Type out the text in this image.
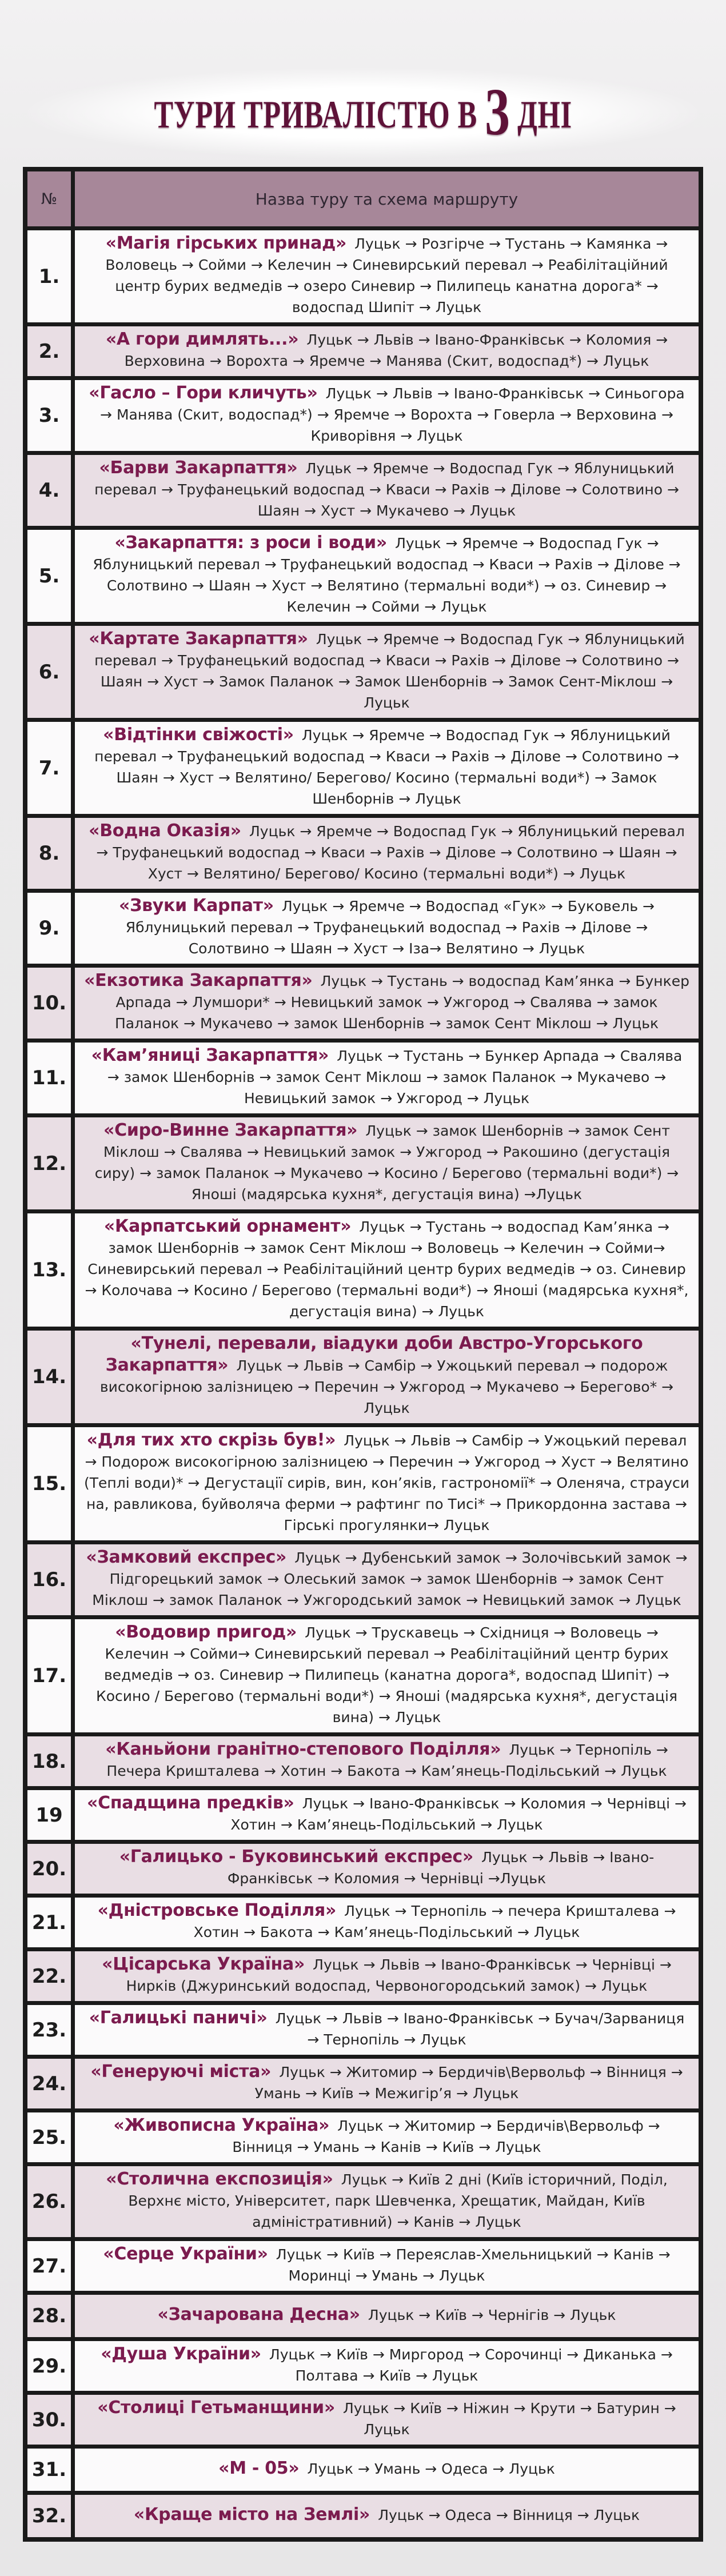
ТУРИ ТРИВАЛІСТЮ В 3 ДНІ
№	Назва туру та схема маршруту
1.
«Магія гірських принад» Луцьк → Розгірче → Тустань → Камянка → Воловець → Сойми → Келечин → Синевирський перевал → Реабілітаційний центр бурих ведмедів → озеро Синевир → Пилипець канатна дорога* → водоспад Шипіт → Луцьк
2.
«А гори димлять...» Луцьк → Львів → Івано-Франківськ → Коломия → Верховина → Ворохта → Яремче → Манява (Скит, водоспад*) → Луцьк
3.
«Гасло – Гори кличуть» Луцьк → Львів → Івано-Франківськ → Синьогора → Манява (Скит, водоспад*) → Яремче → Ворохта → Говерла → Верховина → Криворівня → Луцьк
4.
«Барви Закарпаття» Луцьк → Яремче → Водоспад Гук → Яблуницький перевал → Труфанецький водоспад → Кваси → Рахів → Ділове → Солотвино → Шаян → Хуст → Мукачево → Луцьк
5.
«Закарпаття: з роси і води» Луцьк → Яремче → Водоспад Гук → Яблуницький перевал → Труфанецький водоспад → Кваси → Рахів → Ділове → Солотвино → Шаян → Хуст → Велятино (термальні води*) → оз. Синевир → Келечин → Сойми → Луцьк
6.
«Картате Закарпаття» Луцьк → Яремче → Водоспад Гук → Яблуницький перевал → Труфанецький водоспад → Кваси → Рахів → Ділове → Солотвино → Шаян → Хуст → Замок Паланок → Замок Шенборнів → Замок Сент-Міклош → Луцьк
7.
«Відтінки свіжості» Луцьк → Яремче → Водоспад Гук → Яблуницький перевал → Труфанецький водоспад → Кваси → Рахів → Ділове → Солотвино → Шаян → Хуст → Велятино/ Берегово/ Косино (термальні води*) → Замок Шенборнів → Луцьк
8.
«Водна Оказія» Луцьк → Яремче → Водоспад Гук → Яблуницький перевал → Труфанецький водоспад → Кваси → Рахів → Ділове → Солотвино → Шаян → Хуст → Велятино/ Берегово/ Косино (термальні води*) → Луцьк
9.
«Звуки Карпат» Луцьк → Яремче → Водоспад «Гук» → Буковель → Яблуницький перевал → Труфанецький водоспад → Рахів → Ділове → Солотвино → Шаян → Хуст → Іза→ Велятино → Луцьк
10.
«Екзотика Закарпаття» Луцьк → Тустань → водоспад Кам’янка → Бункер Арпада → Лумшори* → Невицький замок → Ужгород → Свалява → замок Паланок → Мукачево → замок Шенборнів → замок Сент Міклош → Луцьк
11.
«Кам’яниці Закарпаття» Луцьк → Тустань → Бункер Арпада → Свалява → замок Шенборнів → замок Сент Міклош → замок Паланок → Мукачево → Невицький замок → Ужгород → Луцьк
12.
«Сиро-Винне Закарпаття» Луцьк → замок Шенборнів → замок Сент Міклош → Свалява → Невицький замок → Ужгород → Ракошино (дегустація сиру) → замок Паланок → Мукачево → Косино / Берегово (термальні води*) → Яноші (мадярська кухня*, дегустація вина) →Луцьк
13.
«Карпатський орнамент» Луцьк → Тустань → водоспад Кам’янка → замок Шенборнів → замок Сент Міклош → Воловець → Келечин → Сойми→ Синевирський перевал → Реабілітаційний центр бурих ведмедів → оз. Синевир → Колочава → Косино / Берегово (термальні води*) → Яноші (мадярська кухня*, дегустація вина) → Луцьк
14.
«Тунелі, перевали, віадуки доби Австро-Угорського Закарпаття» Луцьк → Львів → Самбір → Ужоцький перевал → подорож високогірною залізницею → Перечин → Ужгород → Мукачево → Берегово* → Луцьк
15.
«Для тих хто скрізь був!» Луцьк → Львів → Самбір → Ужоцький перевал → Подорож високогірною залізницею → Перечин → Ужгород → Хуст → Велятино (Теплі води)* → Дегустації сирів, вин, кон’яків, гастрономії* → Оленяча, страуси на, равликова, буйволяча ферми → рафтинг по Тисі* → Прикордонна застава → Гірські прогулянки→ Луцьк
16.
«Замковий експрес» Луцьк → Дубенський замок → Золочівський замок → Підгорецький замок → Олеський замок → замок Шенборнів → замок Сент Міклош → замок Паланок → Ужгородський замок → Невицький замок → Луцьк
17.
«Водовир пригод» Луцьк → Трускавець → Східниця → Воловець → Келечин → Сойми→ Синевирський перевал → Реабілітаційний центр бурих ведмедів → оз. Синевир → Пилипець (канатна дорога*, водоспад Шипіт) → Косино / Берегово (термальні води*) → Яноші (мадярська кухня*, дегустація вина) → Луцьк
18.
«Каньйони гранітно-степового Поділля» Луцьк → Тернопіль → Печера Кришталева → Хотин → Бакота → Кам’янець-Подільський → Луцьк
19
«Спадщина предків» Луцьк → Івано-Франківськ → Коломия → Чернівці → Хотин → Кам’янець-Подільський → Луцьк
20.
«Галицько - Буковинський експрес» Луцьк → Львів → Івано-Франківськ → Коломия → Чернівці →Луцьк
21.
«Дністровське Поділля» Луцьк → Тернопіль → печера Кришталева → Хотин → Бакота → Кам’янець-Подільський → Луцьк
22.
«Цісарська Україна» Луцьк → Львів → Івано-Франківськ → Чернівці → Нирків (Джуринський водоспад, Червоногородський замок) → Луцьк
23.
«Галицькі паничі» Луцьк → Львів → Івано-Франківськ → Бучач/Зарваниця → Тернопіль → Луцьк
24.
«Генеруючі міста» Луцьк → Житомир → Бердичів\Вервольф → Вінниця → Умань → Київ → Межигір’я → Луцьк
25.
«Живописна Україна» Луцьк → Житомир → Бердичів\Вервольф → Вінниця → Умань → Канів → Київ → Луцьк
26.
«Столична експозиція» Луцьк → Київ 2 дні (Київ історичний, Поділ, Верхнє місто, Університет, парк Шевченка, Хрещатик, Майдан, Київ адміністративний) → Канів → Луцьк
27.
«Серце України» Луцьк → Київ → Переяслав-Хмельницький → Канів → Моринці → Умань → Луцьк
28.	«Зачарована Десна» Луцьк → Київ → Чернігів → Луцьк
29.
«Душа України» Луцьк → Київ → Миргород → Сорочинці → Диканька → Полтава → Київ → Луцьк
30.
«Столиці Гетьманщини» Луцьк → Київ → Ніжин → Крути → Батурин → Луцьк
31.	«М - 05» Луцьк → Умань → Одеса → Луцьк
32.	«Краще місто на Землі» Луцьк → Одеса → Вінниця → Луцьк
